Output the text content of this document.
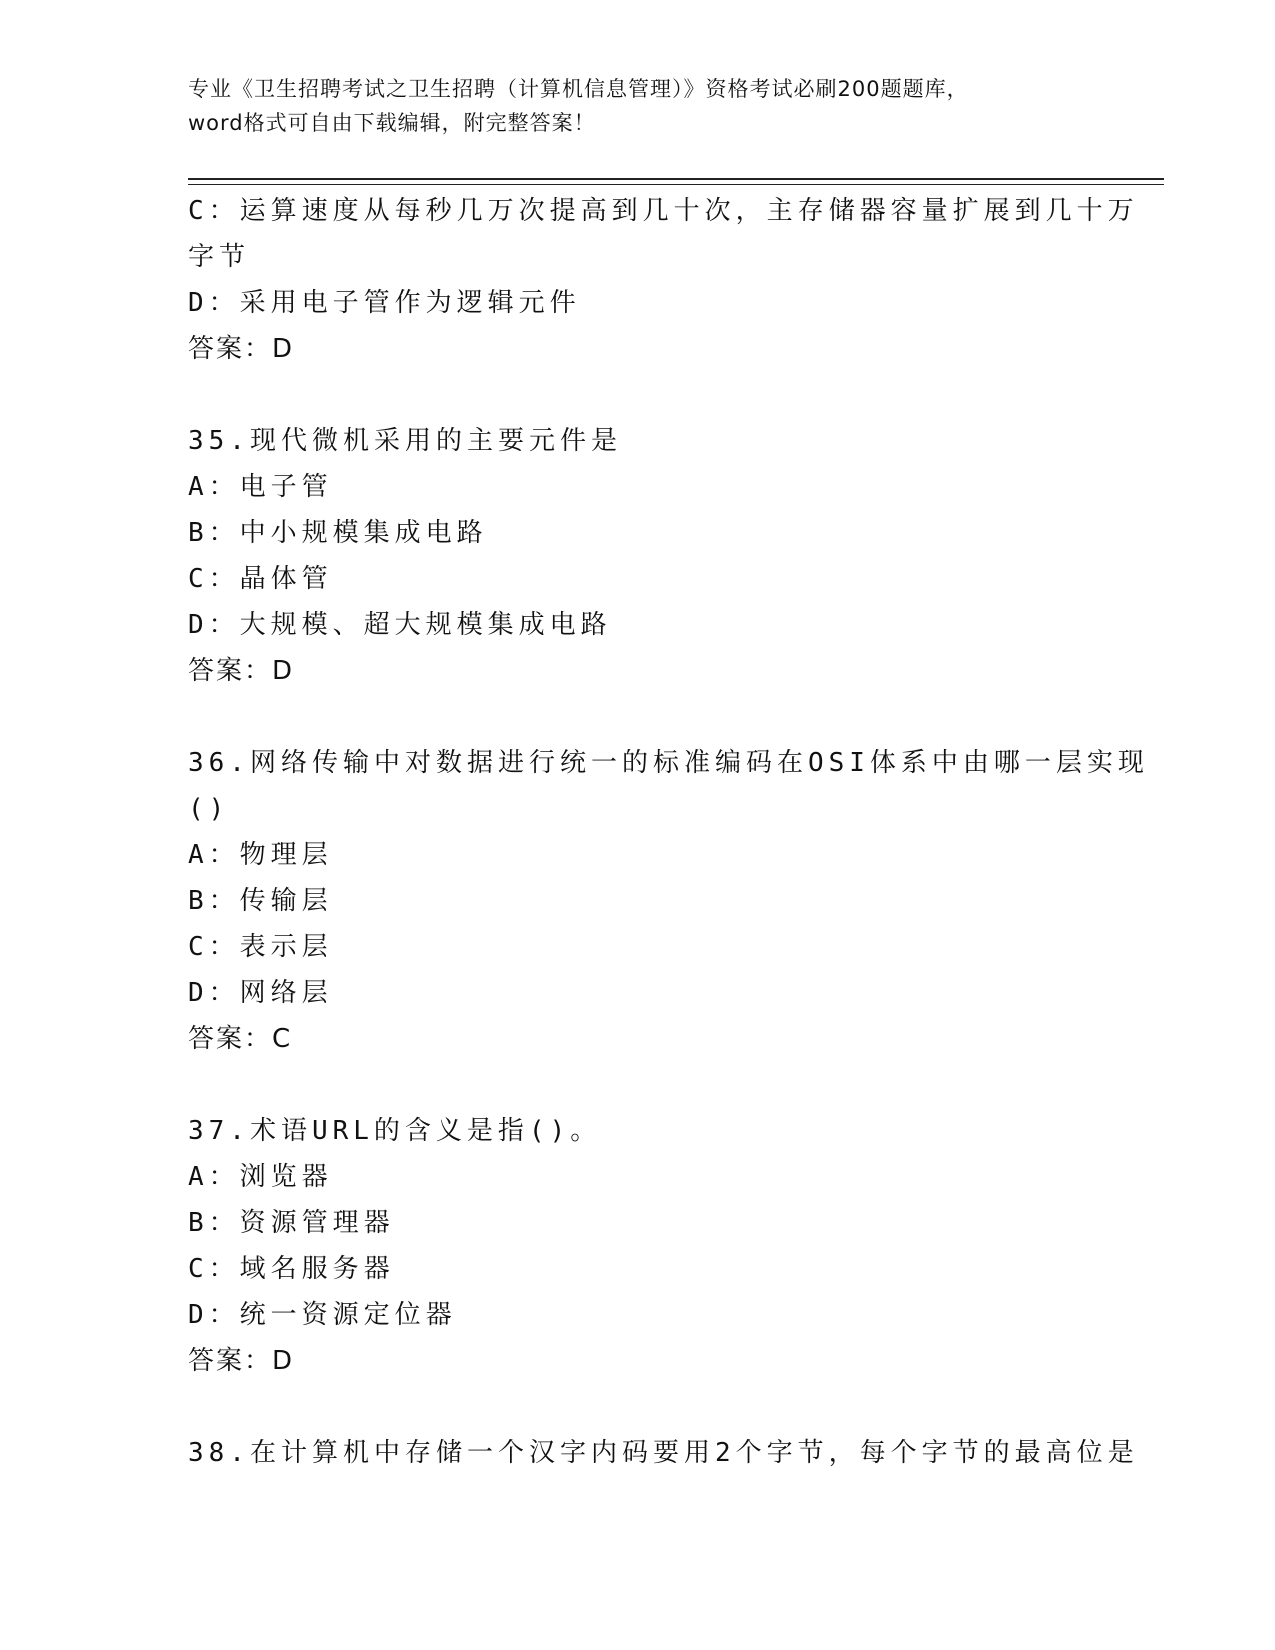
专业《卫生招聘考试之卫生招聘（计算机信息管理）》资格考试必刷200题题库，
word格式可自由下载编辑，附完整答案！
C：运算速度从每秒几万次提高到几十次，主存储器容量扩展到几十万
字节
D：采用电子管作为逻辑元件
答案：D
35.现代微机采用的主要元件是
A：电子管
B：中小规模集成电路
C：晶体管
D：大规模、超大规模集成电路
答案：D
36.网络传输中对数据进行统一的标准编码在OSI体系中由哪一层实现
()
A：物理层
B：传输层
C：表示层
D：网络层
答案：C
37.术语URL的含义是指()。
A：浏览器
B：资源管理器
C：域名服务器
D：统一资源定位器
答案：D
38.在计算机中存储一个汉字内码要用2个字节，每个字节的最高位是
